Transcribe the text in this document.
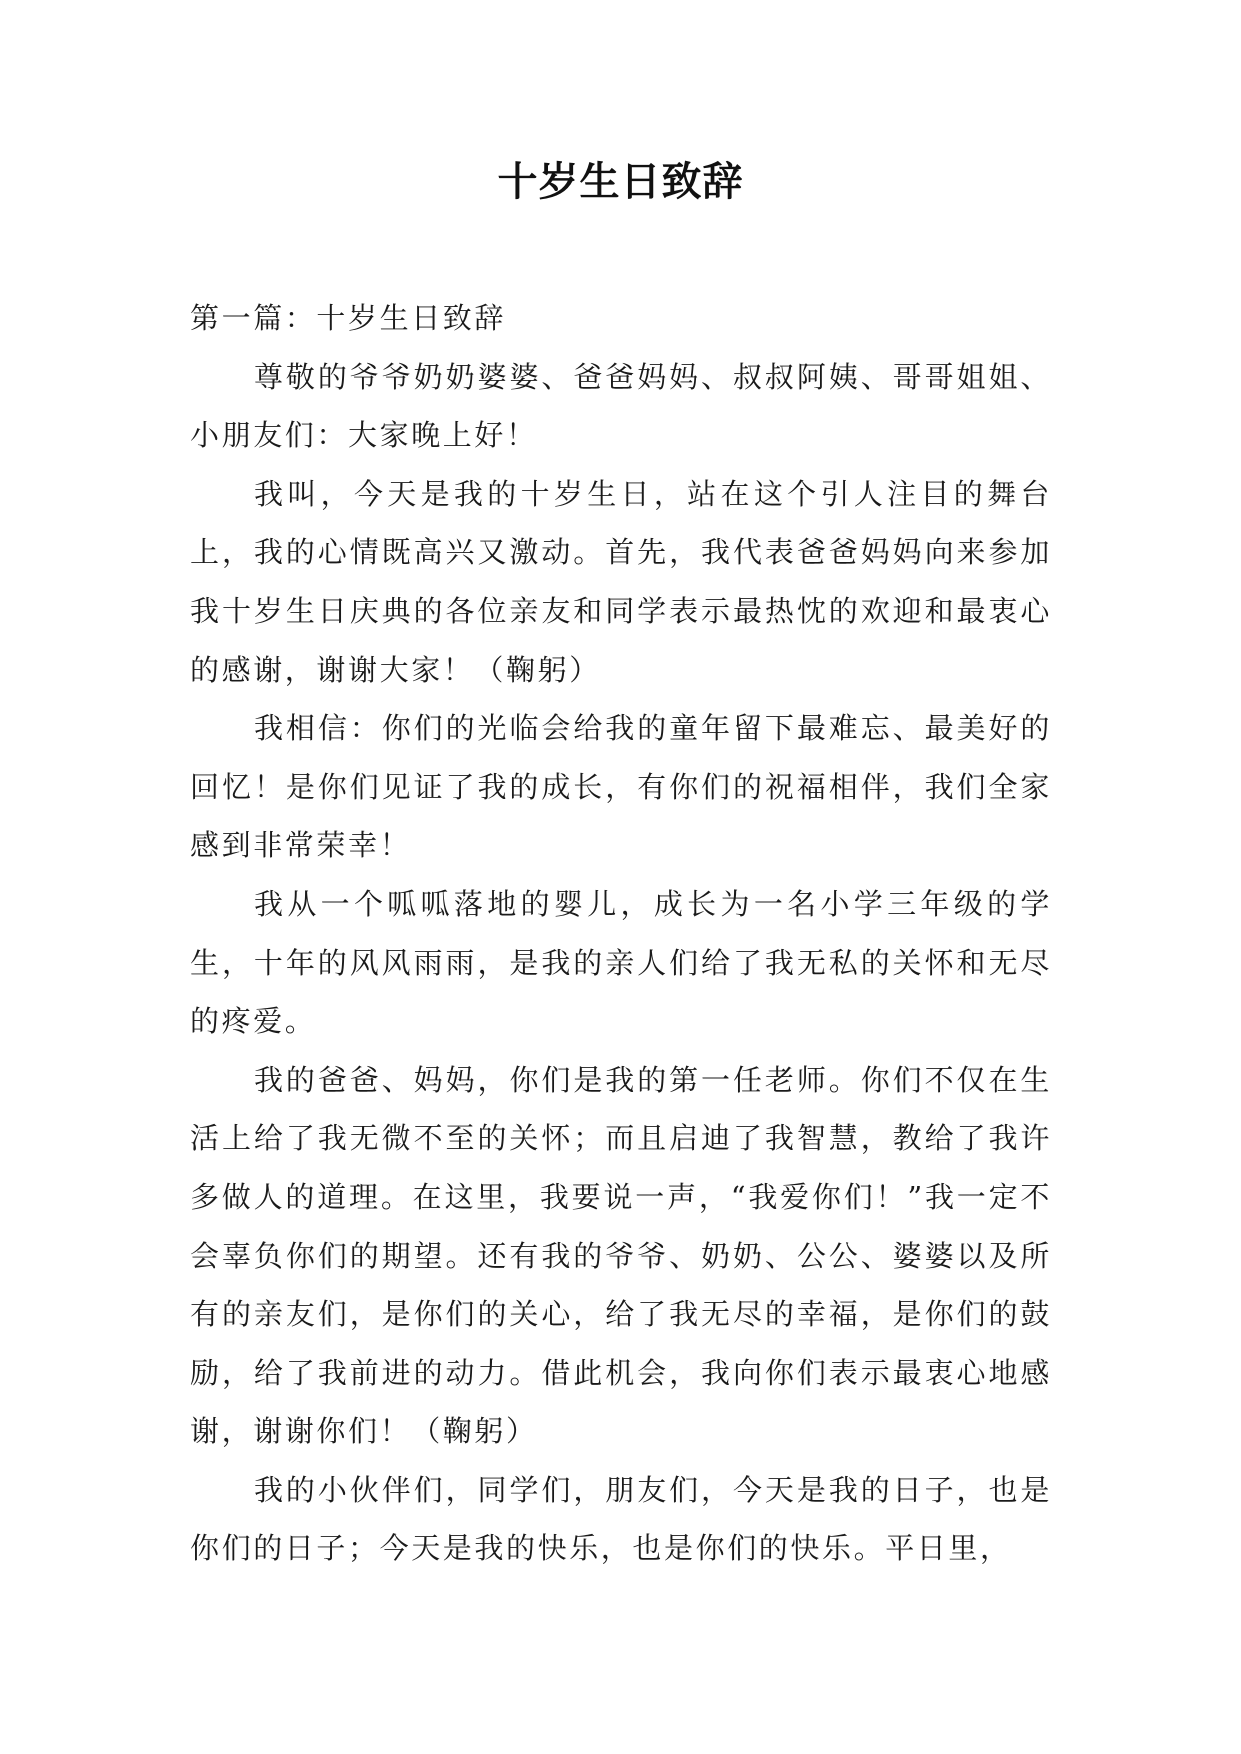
十岁生日致辞

第一篇：十岁生日致辞

尊敬的爷爷奶奶婆婆、爸爸妈妈、叔叔阿姨、哥哥姐姐、小朋友们：大家晚上好！

我叫，今天是我的十岁生日，站在这个引人注目的舞台上，我的心情既高兴又激动。首先，我代表爸爸妈妈向来参加我十岁生日庆典的各位亲友和同学表示最热忱的欢迎和最衷心的感谢，谢谢大家！（鞠躬）

我相信：你们的光临会给我的童年留下最难忘、最美好的回忆！是你们见证了我的成长，有你们的祝福相伴，我们全家感到非常荣幸！

我从一个呱呱落地的婴儿，成长为一名小学三年级的学生，十年的风风雨雨，是我的亲人们给了我无私的关怀和无尽的疼爱。

我的爸爸、妈妈，你们是我的第一任老师。你们不仅在生活上给了我无微不至的关怀；而且启迪了我智慧，教给了我许多做人的道理。在这里，我要说一声，“我爱你们！”我一定不会辜负你们的期望。还有我的爷爷、奶奶、公公、婆婆以及所有的亲友们，是你们的关心，给了我无尽的幸福，是你们的鼓励，给了我前进的动力。借此机会，我向你们表示最衷心地感谢，谢谢你们！（鞠躬）

我的小伙伴们，同学们，朋友们，今天是我的日子，也是你们的日子；今天是我的快乐，也是你们的快乐。平日里，
